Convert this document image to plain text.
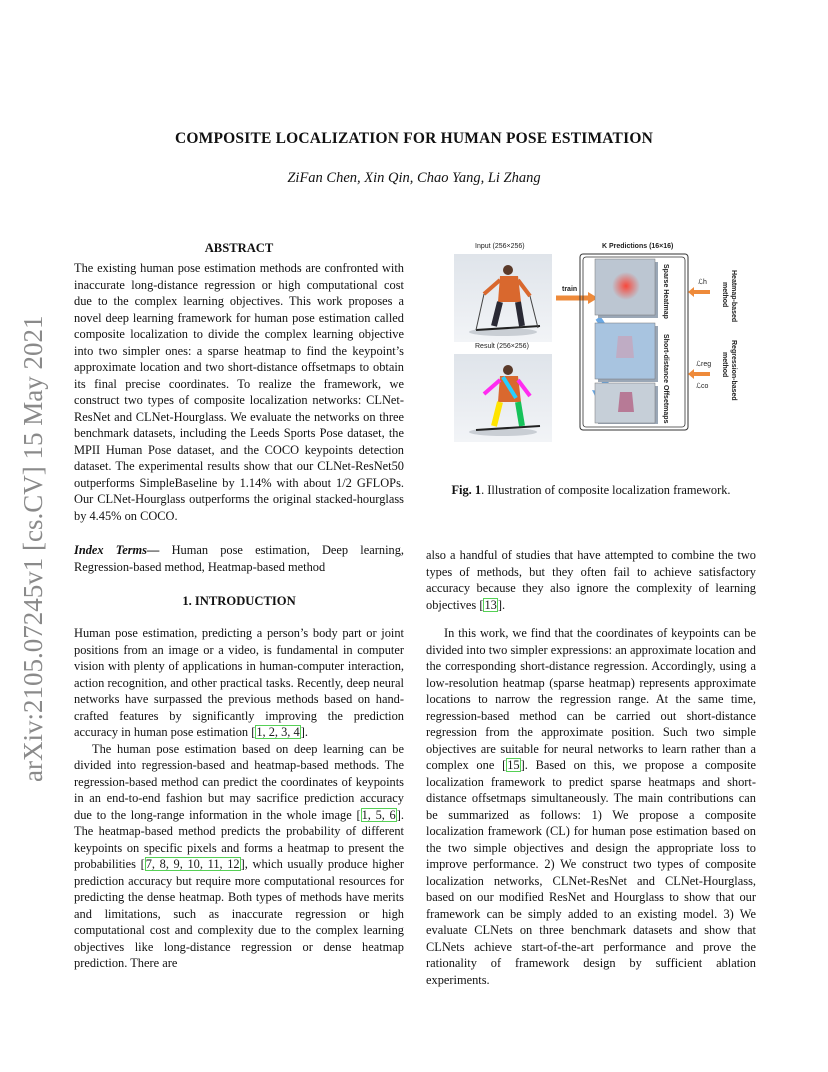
arXiv:2105.07245v1 [cs.CV] 15 May 2021
COMPOSITE LOCALIZATION FOR HUMAN POSE ESTIMATION

ZiFan Chen, Xin Qin, Chao Yang, Li Zhang

ABSTRACT

The existing human pose estimation methods are confronted with inaccurate long-distance regression or high computational cost due to the complex learning objectives. This work proposes a novel deep learning framework for human pose estimation called composite localization to divide the complex learning objective into two simpler ones: a sparse heatmap to find the keypoint’s approximate location and two short-distance offsetmaps to obtain its final precise coordinates. To realize the framework, we construct two types of composite localization networks: CLNet-ResNet and CLNet-Hourglass. We evaluate the networks on three benchmark datasets, including the Leeds Sports Pose dataset, the MPII Human Pose dataset, and the COCO keypoints detection dataset. The experimental results show that our CLNet-ResNet50 outperforms SimpleBaseline by 1.14% with about 1/2 GFLOPs. Our CLNet-Hourglass outperforms the original stacked-hourglass by 4.45% on COCO.

Index Terms— Human pose estimation, Deep learning, Regression-based method, Heatmap-based method

1. INTRODUCTION

Human pose estimation, predicting a person’s body part or joint positions from an image or a video, is fundamental in computer vision with plenty of applications in human-computer interaction, action recognition, and other practical tasks. Recently, deep neural networks have surpassed the previous methods based on hand-crafted features by significantly improving the prediction accuracy in human pose estimation [1, 2, 3, 4].

The human pose estimation based on deep learning can be divided into regression-based and heatmap-based methods. The regression-based method can predict the coordinates of keypoints in an end-to-end fashion but may sacrifice prediction accuracy due to the long-range information in the whole image [1, 5, 6]. The heatmap-based method predicts the probability of different keypoints on specific pixels and forms a heatmap to present the probabilities [7, 8, 9, 10, 11, 12], which usually produce higher prediction accuracy but require more computational resources for predicting the dense heatmap. Both types of methods have merits and limitations, such as inaccurate regression or high computational cost and complexity due to the complex learning objectives like long-distance regression or dense heatmap prediction. There are

also a handful of studies that have attempted to combine the two types of methods, but they often fail to achieve satisfactory accuracy because they also ignore the complexity of learning objectives [13].

In this work, we find that the coordinates of keypoints can be divided into two simpler expressions: an approximate location and the corresponding short-distance regression. Accordingly, using a low-resolution heatmap (sparse heatmap) represents approximate locations to narrow the regression range. At the same time, regression-based method can be carried out short-distance regression from the approximate position. Such two simple objectives are suitable for neural networks to learn rather than a complex one [15]. Based on this, we propose a composite localization framework to predict sparse heatmaps and short-distance offsetmaps simultaneously. The main contributions can be summarized as follows: 1) We propose a composite localization framework (CL) for human pose estimation based on the two simple objectives and design the appropriate loss to improve performance. 2) We construct two types of composite localization networks, CLNet-ResNet and CLNet-Hourglass, based on our modified ResNet and Hourglass to show that our framework can be simply added to an existing model. 3) We evaluate CLNets on three benchmark datasets and show that CLNets achieve start-of-the-art performance and prove the rationality of framework design by sufficient ablation experiments.

Input (256×256)
Result (256×256)
train
K Predictions (16×16)
Sparse Heatmap
Short-distance Offsetmaps
ℒh
ℒreg
ℒco
Heatmap-based
method
Regression-based
method

Fig. 1. Illustration of composite localization framework.
